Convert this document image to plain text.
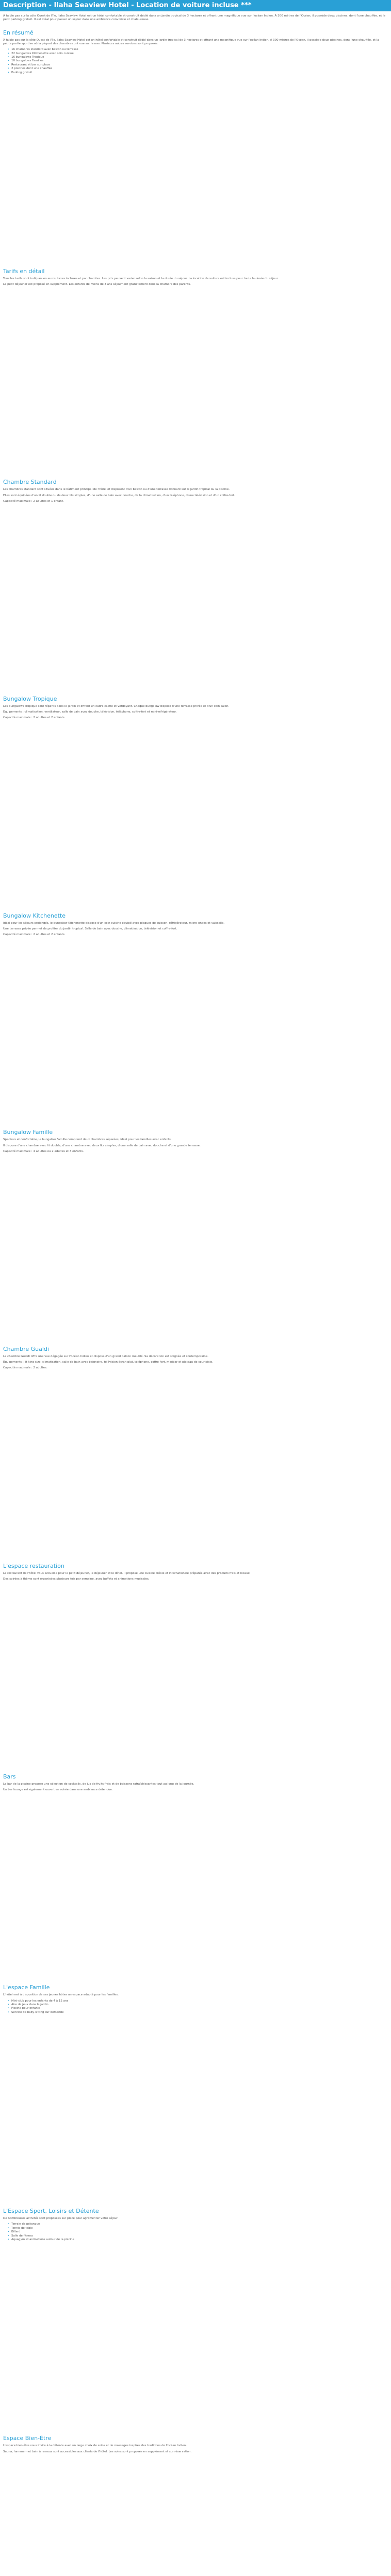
Description - Ilaha Seaview Hotel - Location de voiture incluse ***

À faible pas sur la côte Ouest de l'île, Ilaha Seaview Hotel est un hôtel confortable et construit dédié dans un jardin tropical de 3 hectares et offrant une magnifique vue sur l'océan Indien. À 300 mètres de l'Océan, il possède deux piscines, dont l'une chauffée, et le petit parking gratuit. Il est idéal pour passer un séjour dans une ambiance conviviale et chaleureuse.

En résumé

À faible pas sur la côte Ouest de l'île, Ilaha Seaview Hotel est un hôtel confortable et construit dédié dans un jardin tropical de 3 hectares et offrant une magnifique vue sur l'océan Indien. À 300 mètres de l'Océan, il possède deux piscines, dont l'une chauffée, et la petite partie sportive où la plupart des chambres ont vue sur la mer. Plusieurs autres services sont proposés.

• 16 chambres standard avec balcon ou terrasse
• 22 bungalows Kitchenette avec coin cuisine
• 16 bungalows Tropique
• 10 bungalows Familles
• Restaurant et bar sur place
• 2 piscines dont une chauffée
• Parking gratuit
Tarifs en détail

Tous les tarifs sont indiqués en euros, taxes incluses et par chambre. Les prix peuvent varier selon la saison et la durée du séjour. La location de voiture est incluse pour toute la durée du séjour.

Le petit déjeuner est proposé en supplément. Les enfants de moins de 3 ans séjournent gratuitement dans la chambre des parents.

Chambre Standard

Les chambres standard sont situées dans le bâtiment principal de l'hôtel et disposent d'un balcon ou d'une terrasse donnant sur le jardin tropical ou la piscine.

Elles sont équipées d'un lit double ou de deux lits simples, d'une salle de bain avec douche, de la climatisation, d'un téléphone, d'une télévision et d'un coffre-fort.

Capacité maximale : 2 adultes et 1 enfant.

Bungalow Tropique

Les bungalows Tropique sont répartis dans le jardin et offrent un cadre calme et verdoyant. Chaque bungalow dispose d'une terrasse privée et d'un coin salon.

Équipements : climatisation, ventilateur, salle de bain avec douche, télévision, téléphone, coffre-fort et mini-réfrigérateur.

Capacité maximale : 2 adultes et 2 enfants.

Bungalow Kitchenette

Idéal pour les séjours prolongés, le bungalow Kitchenette dispose d'un coin cuisine équipé avec plaques de cuisson, réfrigérateur, micro-ondes et vaisselle.

Une terrasse privée permet de profiter du jardin tropical. Salle de bain avec douche, climatisation, télévision et coffre-fort.

Capacité maximale : 2 adultes et 2 enfants.

Bungalow Famille

Spacieux et confortable, le bungalow Famille comprend deux chambres séparées, idéal pour les familles avec enfants.

Il dispose d'une chambre avec lit double, d'une chambre avec deux lits simples, d'une salle de bain avec douche et d'une grande terrasse.

Capacité maximale : 4 adultes ou 2 adultes et 3 enfants.

Chambre Gualdi

La chambre Gualdi offre une vue dégagée sur l'océan Indien et dispose d'un grand balcon meublé. Sa décoration est soignée et contemporaine.

Équipements : lit king size, climatisation, salle de bain avec baignoire, télévision écran plat, téléphone, coffre-fort, minibar et plateau de courtoisie.

Capacité maximale : 2 adultes.

L'espace restauration

Le restaurant de l'hôtel vous accueille pour le petit déjeuner, le déjeuner et le dîner. Il propose une cuisine créole et internationale préparée avec des produits frais et locaux.

Des soirées à thème sont organisées plusieurs fois par semaine, avec buffets et animations musicales.

Bars

Le bar de la piscine propose une sélection de cocktails, de jus de fruits frais et de boissons rafraîchissantes tout au long de la journée.

Un bar lounge est également ouvert en soirée dans une ambiance détendue.

L'espace Famille

L'hôtel met à disposition de ses jeunes hôtes un espace adapté pour les familles.

• Mini-club pour les enfants de 4 à 12 ans
• Aire de jeux dans le jardin
• Piscine pour enfants
• Service de baby-sitting sur demande
L'Espace Sport, Loisirs et Détente

De nombreuses activités sont proposées sur place pour agrémenter votre séjour.

• Terrain de pétanque
• Tennis de table
• Billard
• Salle de fitness
• Aquagym et animations autour de la piscine
Espace Bien-Être

L'espace bien-être vous invite à la détente avec un large choix de soins et de massages inspirés des traditions de l'océan Indien.

Sauna, hammam et bain à remous sont accessibles aux clients de l'hôtel. Les soins sont proposés en supplément et sur réservation.
